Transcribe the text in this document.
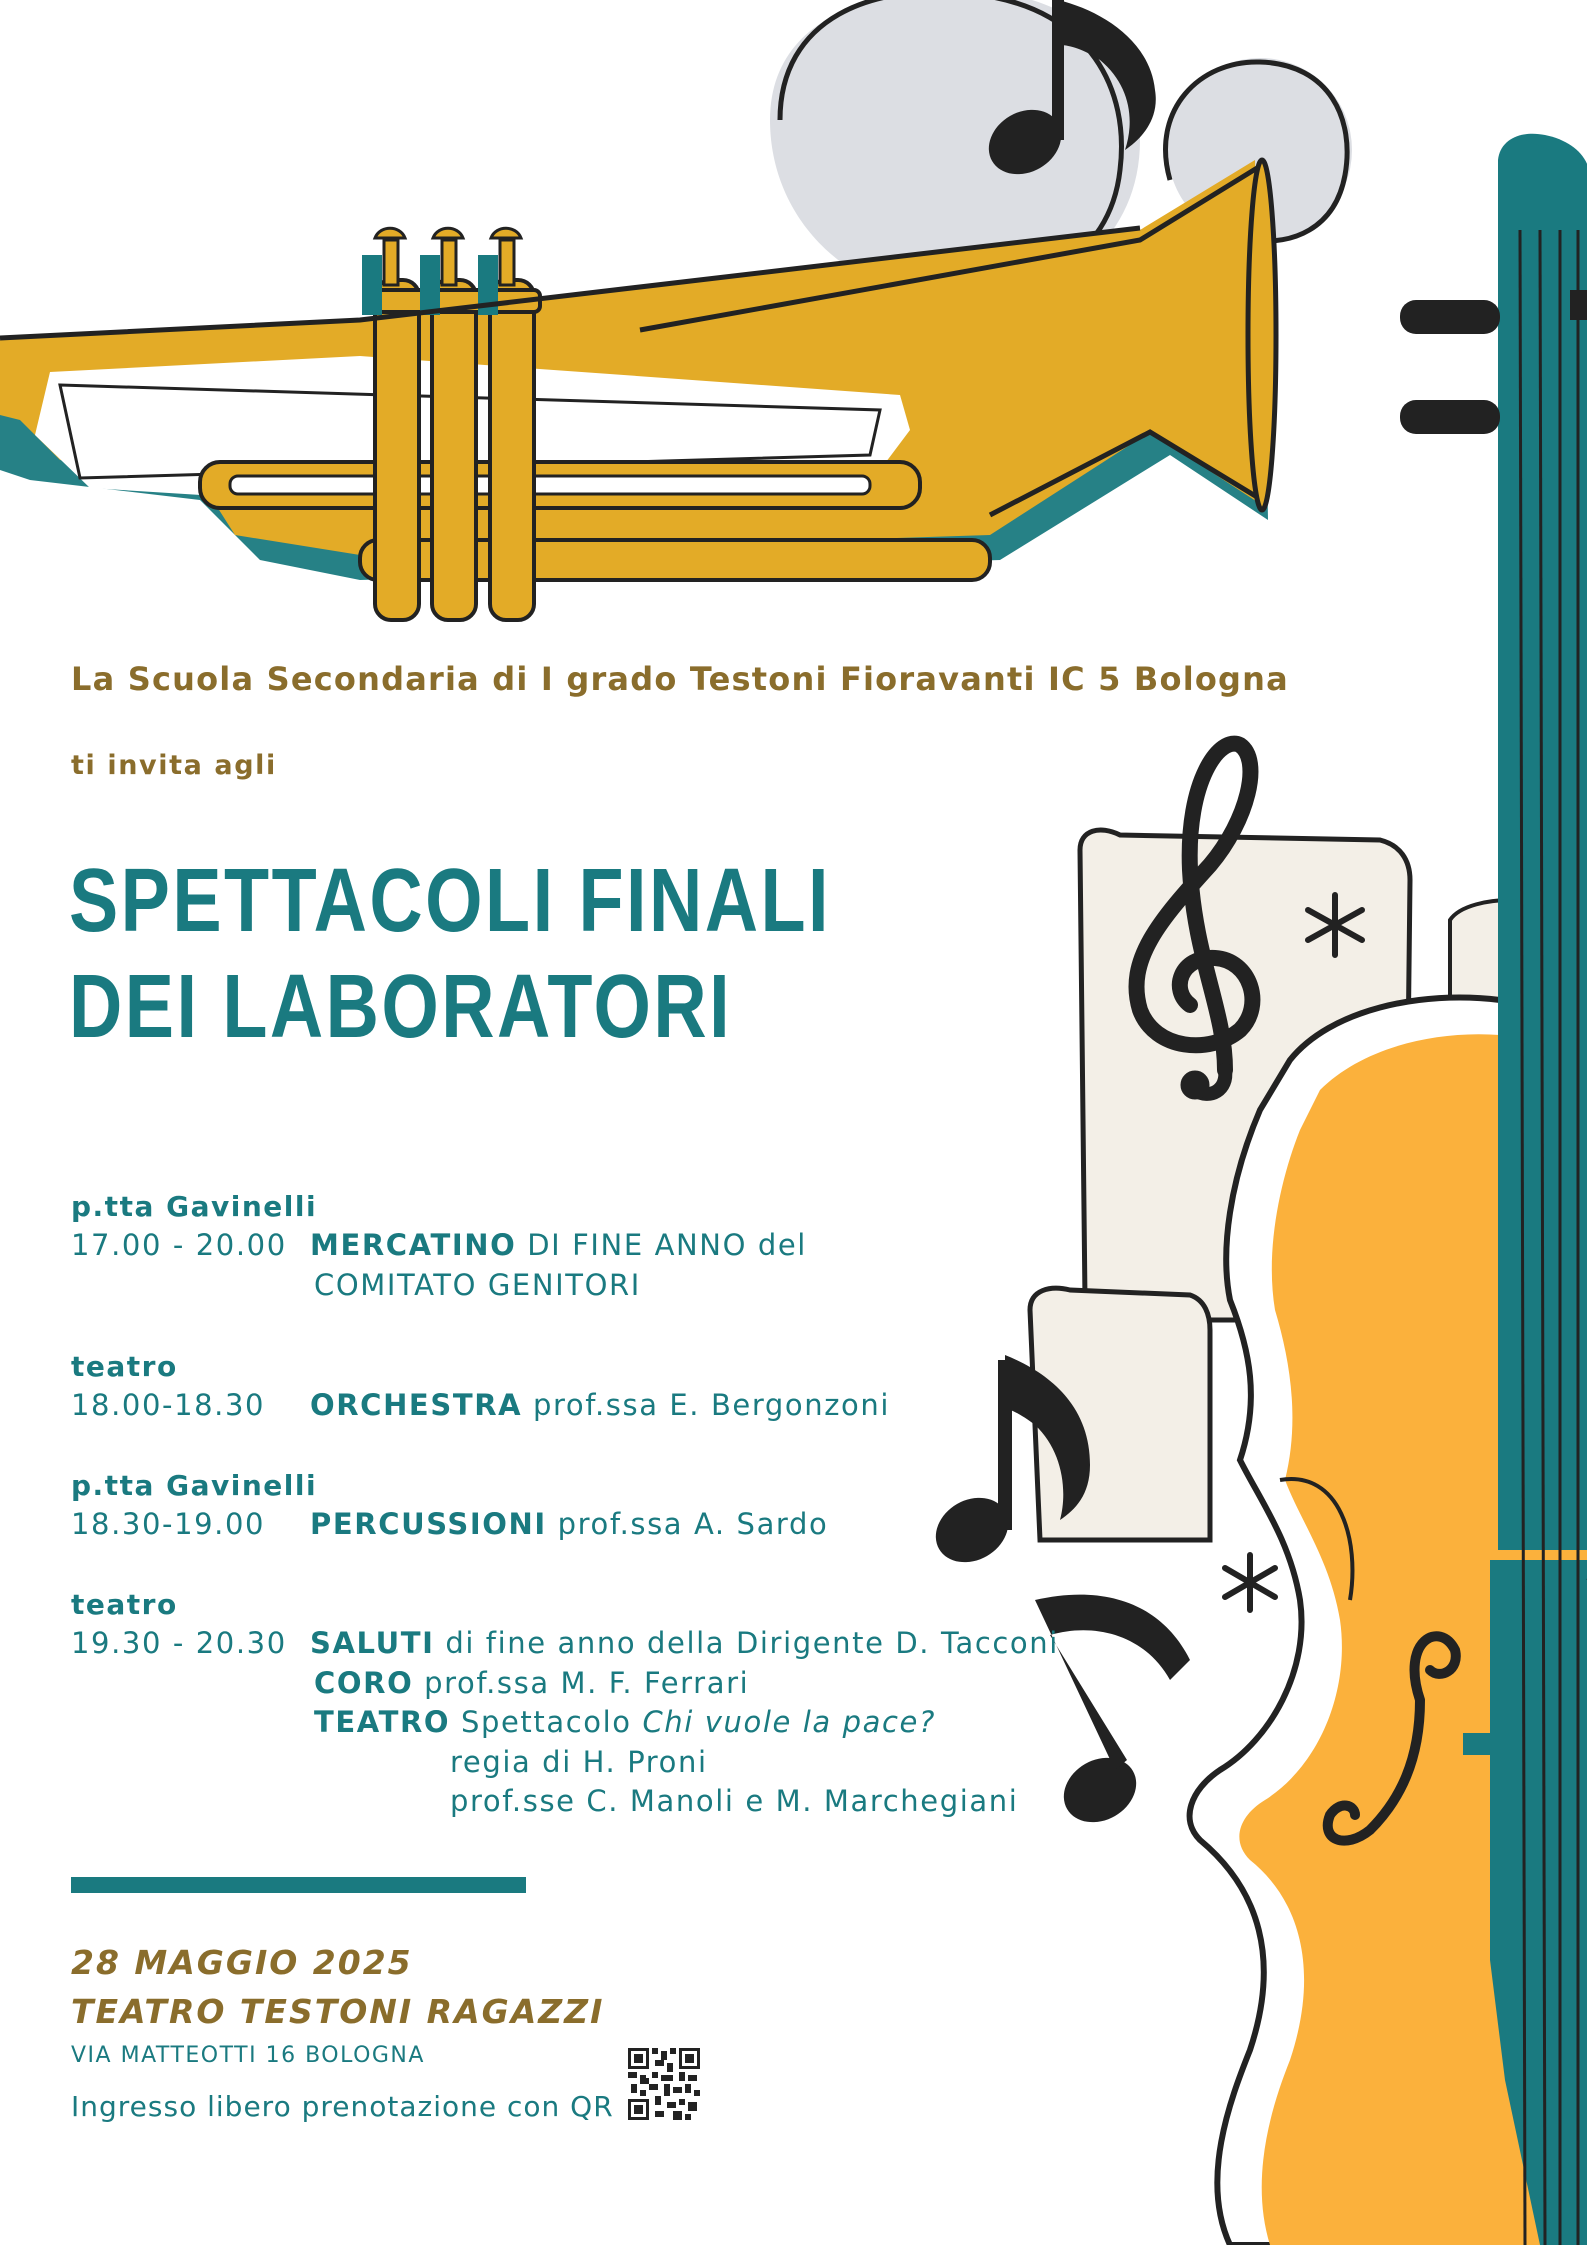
La Scuola Secondaria di I grado Testoni Fioravanti IC 5 Bologna
ti invita agli
SPETTACOLI FINALI
DEI LABORATORI
p.tta Gavinelli
17.00 - 20.00 MERCATINO DI FINE ANNO del
COMITATO GENITORI
teatro
18.00-18.30 ORCHESTRA prof.ssa E. Bergonzoni
p.tta Gavinelli
18.30-19.00 PERCUSSIONI prof.ssa A. Sardo
teatro
19.30 - 20.30 SALUTI di fine anno della Dirigente D. Tacconi
CORO prof.ssa M. F. Ferrari
TEATRO Spettacolo Chi vuole la pace?
regia di H. Proni
prof.sse C. Manoli e M. Marchegiani
28 MAGGIO 2025
TEATRO TESTONI RAGAZZI
VIA MATTEOTTI 16 BOLOGNA
Ingresso libero prenotazione con QR
